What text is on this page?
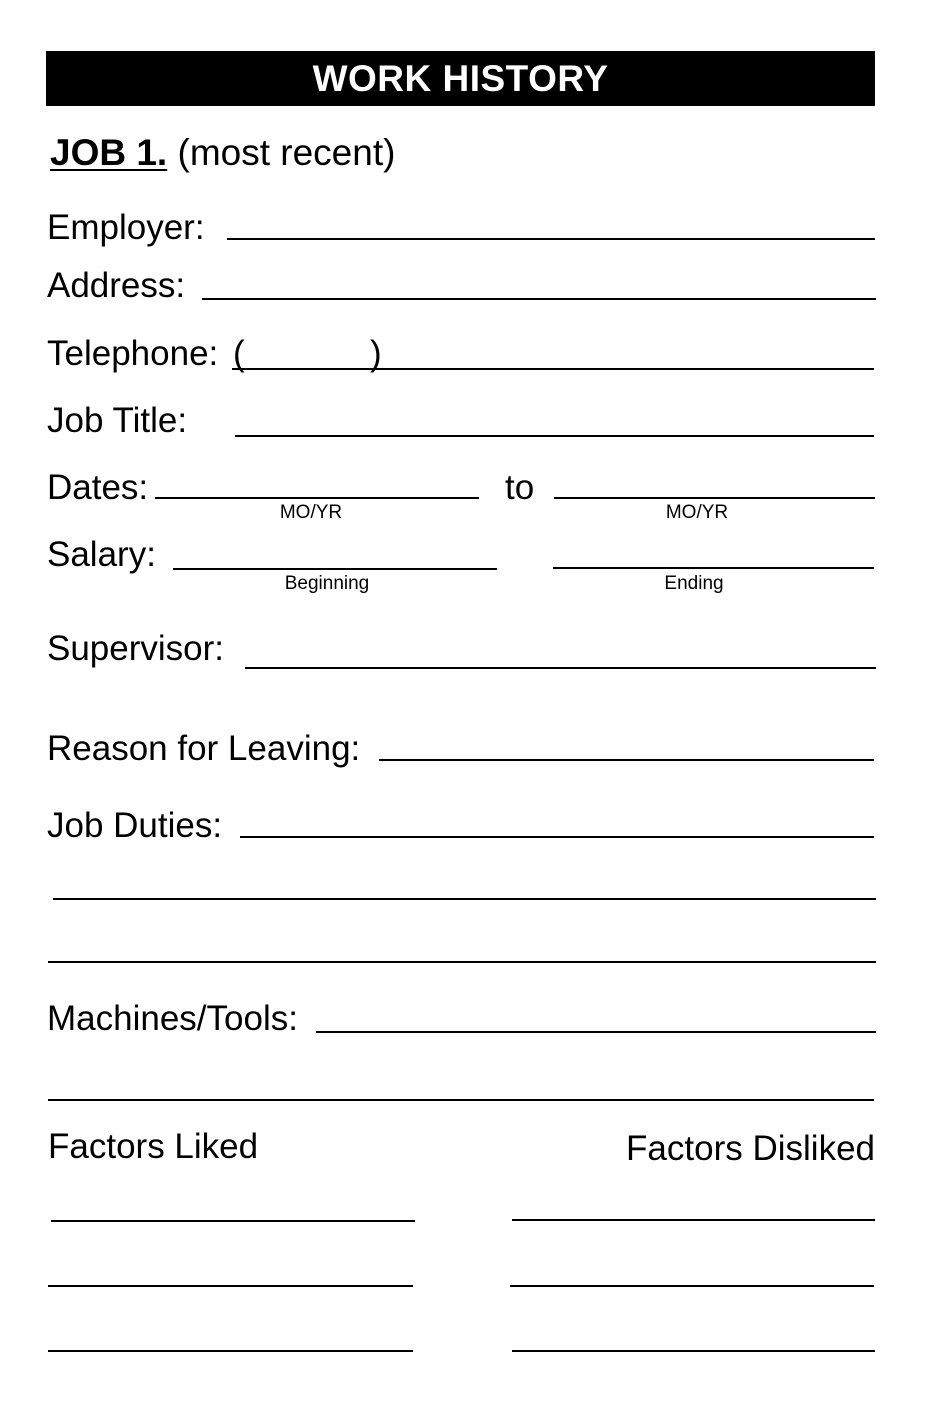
WORK HISTORY
JOB 1. (most recent)
Employer:
Address:
Telephone: (	)
Job Title:
Dates:	to
MO/YR	MO/YR
Salary:
Beginning	Ending
Supervisor:
Reason for Leaving:
Job Duties:
Machines/Tools:
Factors Liked	Factors Disliked
